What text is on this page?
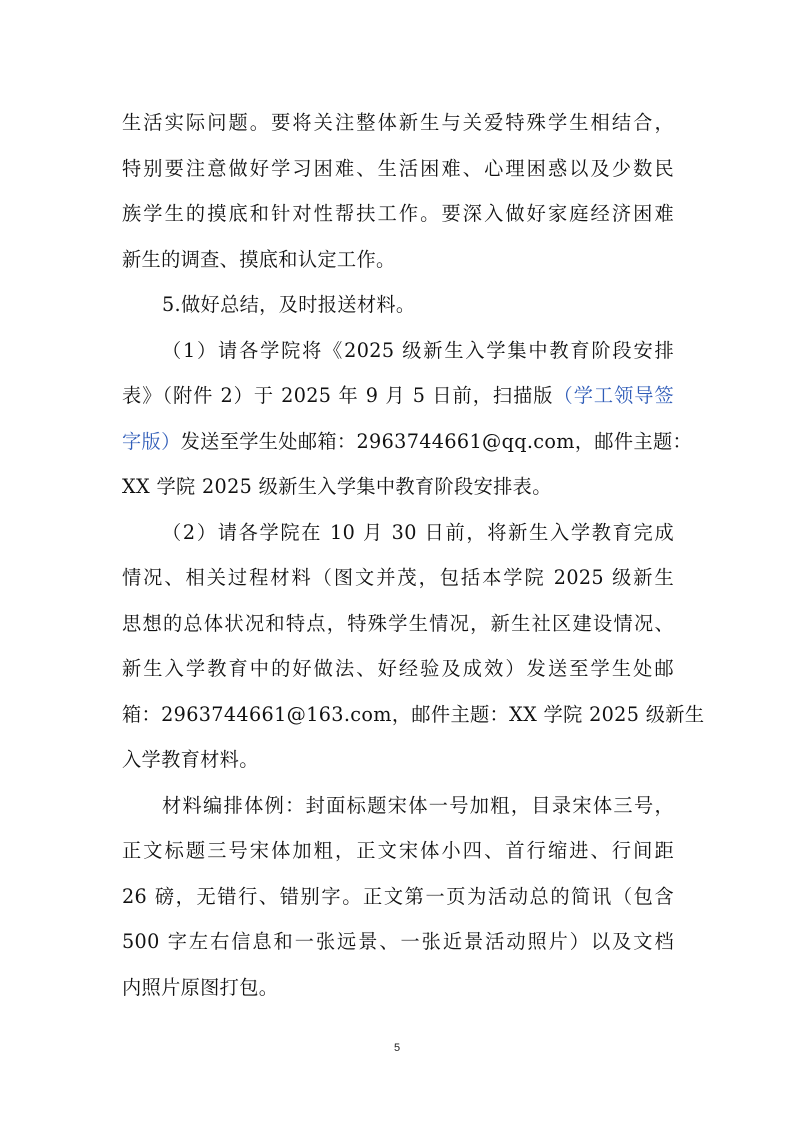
生活实际问题。要将关注整体新生与关爱特殊学生相结合，
特别要注意做好学习困难、生活困难、心理困惑以及少数民
族学生的摸底和针对性帮扶工作。要深入做好家庭经济困难
新生的调查、摸底和认定工作。
5.做好总结，及时报送材料。
（1）请各学院将《2025 级新生入学集中教育阶段安排
表》（附件 2）于 2025 年 9 月 5 日前，扫描版（学工领导签
字版）发送至学生处邮箱：2963744661@qq.com，邮件主题：
XX 学院 2025 级新生入学集中教育阶段安排表。
（2）请各学院在 10 月 30 日前，将新生入学教育完成
情况、相关过程材料（图文并茂，包括本学院 2025 级新生
思想的总体状况和特点，特殊学生情况，新生社区建设情况、
新生入学教育中的好做法、好经验及成效）发送至学生处邮
箱：2963744661@163.com，邮件主题：XX 学院 2025 级新生
入学教育材料。
材料编排体例：封面标题宋体一号加粗，目录宋体三号，
正文标题三号宋体加粗，正文宋体小四、首行缩进、行间距
26 磅，无错行、错别字。正文第一页为活动总的简讯（包含
500 字左右信息和一张远景、一张近景活动照片）以及文档
内照片原图打包。
5
